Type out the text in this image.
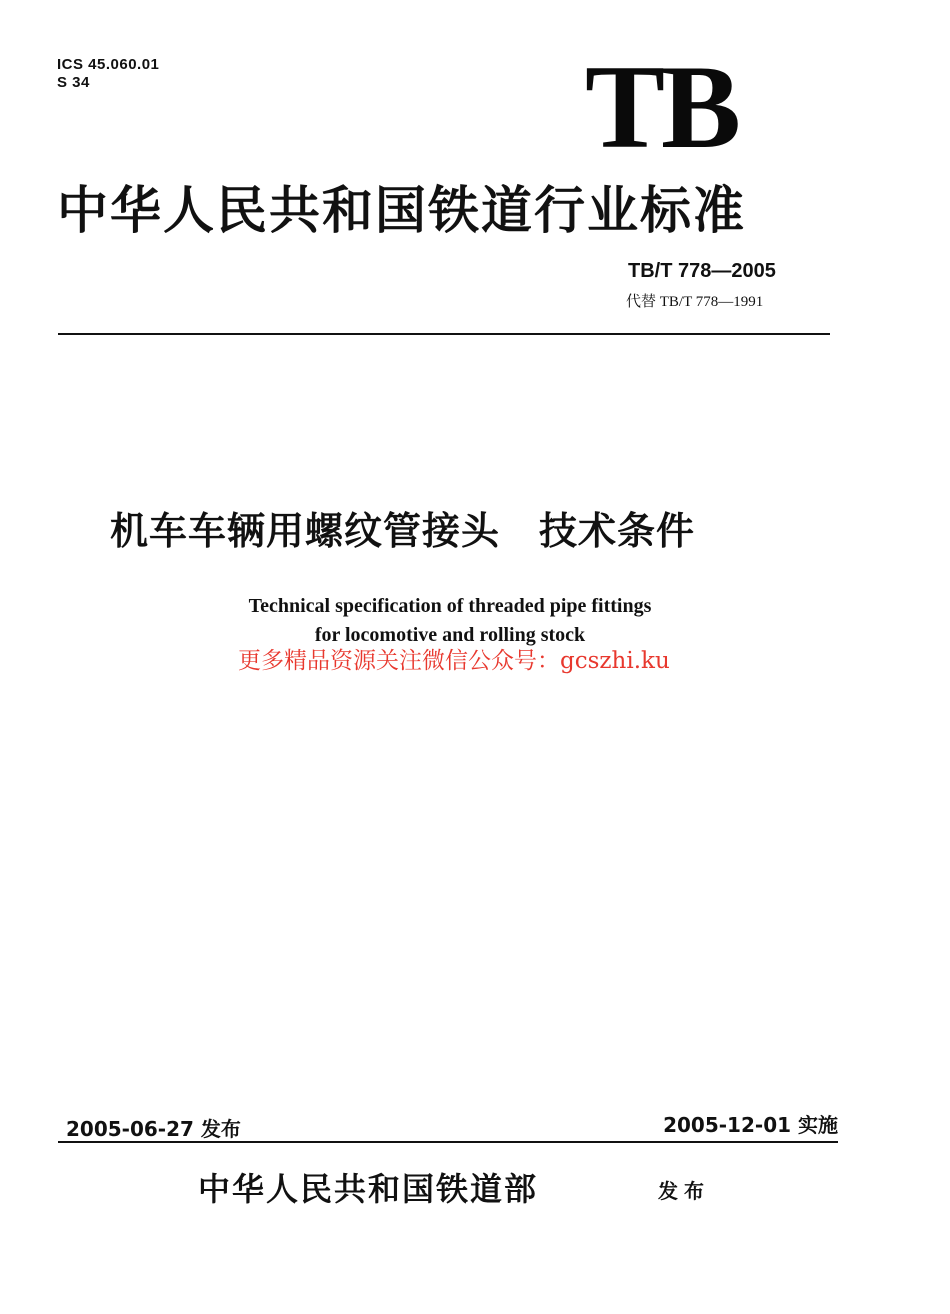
ICS 45.060.01
S 34	TB
中华人民共和国铁道行业标准
TB/T 778—2005
代替 TB/T 778—1991
机车车辆用螺纹管接头　技术条件
Technical specification of threaded pipe fittings
for locomotive and rolling stock
更多精品资源关注微信公众号：gcszhi.ku
2005-06-27 发布	2005-12-01 实施
中华人民共和国铁道部	发布
